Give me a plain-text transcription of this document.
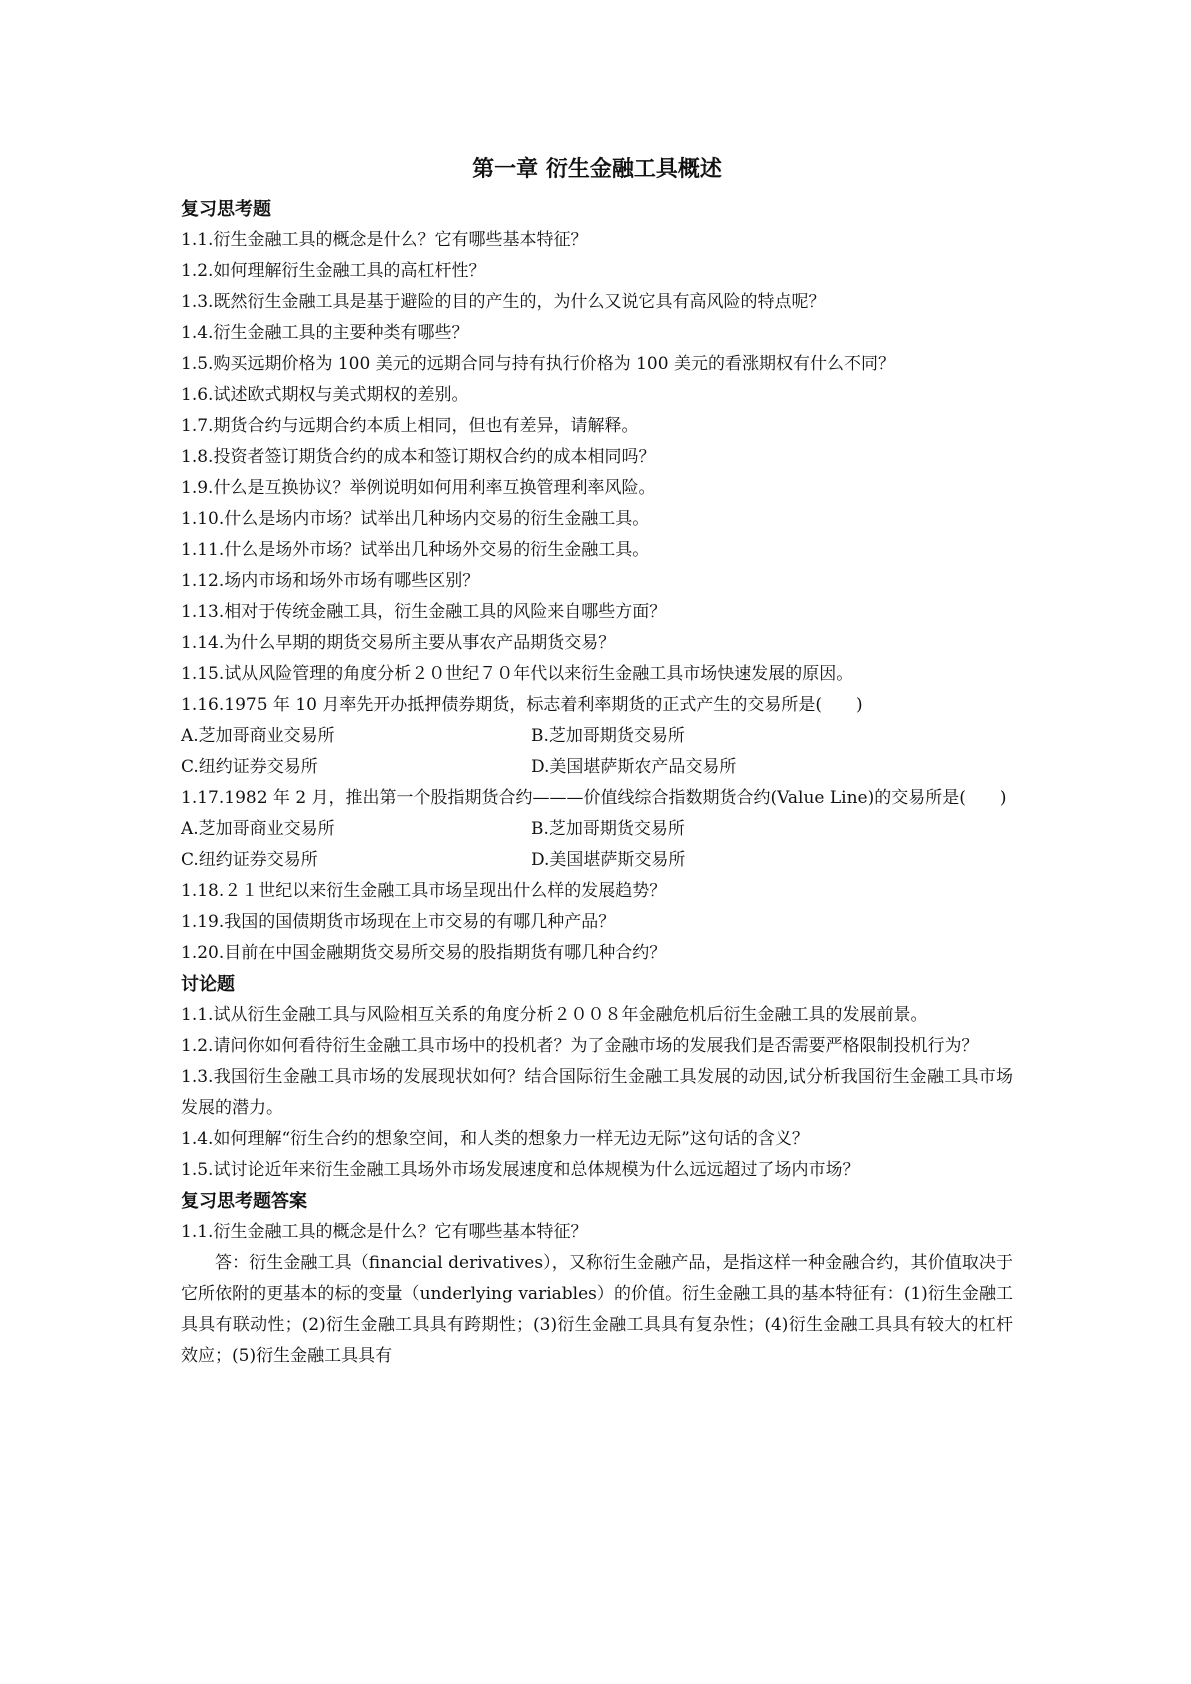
第一章 衍生金融工具概述
复习思考题

1.1.衍生金融工具的概念是什么？它有哪些基本特征？

1.2.如何理解衍生金融工具的高杠杆性？

1.3.既然衍生金融工具是基于避险的目的产生的，为什么又说它具有高风险的特点呢？

1.4.衍生金融工具的主要种类有哪些？

1.5.购买远期价格为 100 美元的远期合同与持有执行价格为 100 美元的看涨期权有什么不同？

1.6.试述欧式期权与美式期权的差别。

1.7.期货合约与远期合约本质上相同，但也有差异，请解释。

1.8.投资者签订期货合约的成本和签订期权合约的成本相同吗？

1.9.什么是互换协议？举例说明如何用利率互换管理利率风险。

1.10.什么是场内市场？试举出几种场内交易的衍生金融工具。

1.11.什么是场外市场？试举出几种场外交易的衍生金融工具。

1.12.场内市场和场外市场有哪些区别？

1.13.相对于传统金融工具，衍生金融工具的风险来自哪些方面？

1.14.为什么早期的期货交易所主要从事农产品期货交易？

1.15.试从风险管理的角度分析２０世纪７０年代以来衍生金融工具市场快速发展的原因。

1.16.1975 年 10 月率先开办抵押债券期货，标志着利率期货的正式产生的交易所是(　　)

A.芝加哥商业交易所	B.芝加哥期货交易所
C.纽约证券交易所	D.美国堪萨斯农产品交易所

1.17.1982 年 2 月，推出第一个股指期货合约———价值线综合指数期货合约(Value Line)的交易所是(　　)

A.芝加哥商业交易所	B.芝加哥期货交易所
C.纽约证券交易所	D.美国堪萨斯交易所

1.18.２１世纪以来衍生金融工具市场呈现出什么样的发展趋势？

1.19.我国的国债期货市场现在上市交易的有哪几种产品？

1.20.目前在中国金融期货交易所交易的股指期货有哪几种合约？

讨论题

1.1.试从衍生金融工具与风险相互关系的角度分析２００８年金融危机后衍生金融工具的发展前景。

1.2.请问你如何看待衍生金融工具市场中的投机者？为了金融市场的发展我们是否需要严格限制投机行为？

1.3.我国衍生金融工具市场的发展现状如何？结合国际衍生金融工具发展的动因,试分析我国衍生金融工具市场发展的潜力。

1.4.如何理解“衍生合约的想象空间，和人类的想象力一样无边无际”这句话的含义？

1.5.试讨论近年来衍生金融工具场外市场发展速度和总体规模为什么远远超过了场内市场？

复习思考题答案

1.1.衍生金融工具的概念是什么？它有哪些基本特征？

答：衍生金融工具（financial derivatives），又称衍生金融产品，是指这样一种金融合约，其价值取决于它所依附的更基本的标的变量（underlying variables）的价值。衍生金融工具的基本特征有：(1)衍生金融工具具有联动性；(2)衍生金融工具具有跨期性；(3)衍生金融工具具有复杂性；(4)衍生金融工具具有较大的杠杆效应；(5)衍生金融工具具有
